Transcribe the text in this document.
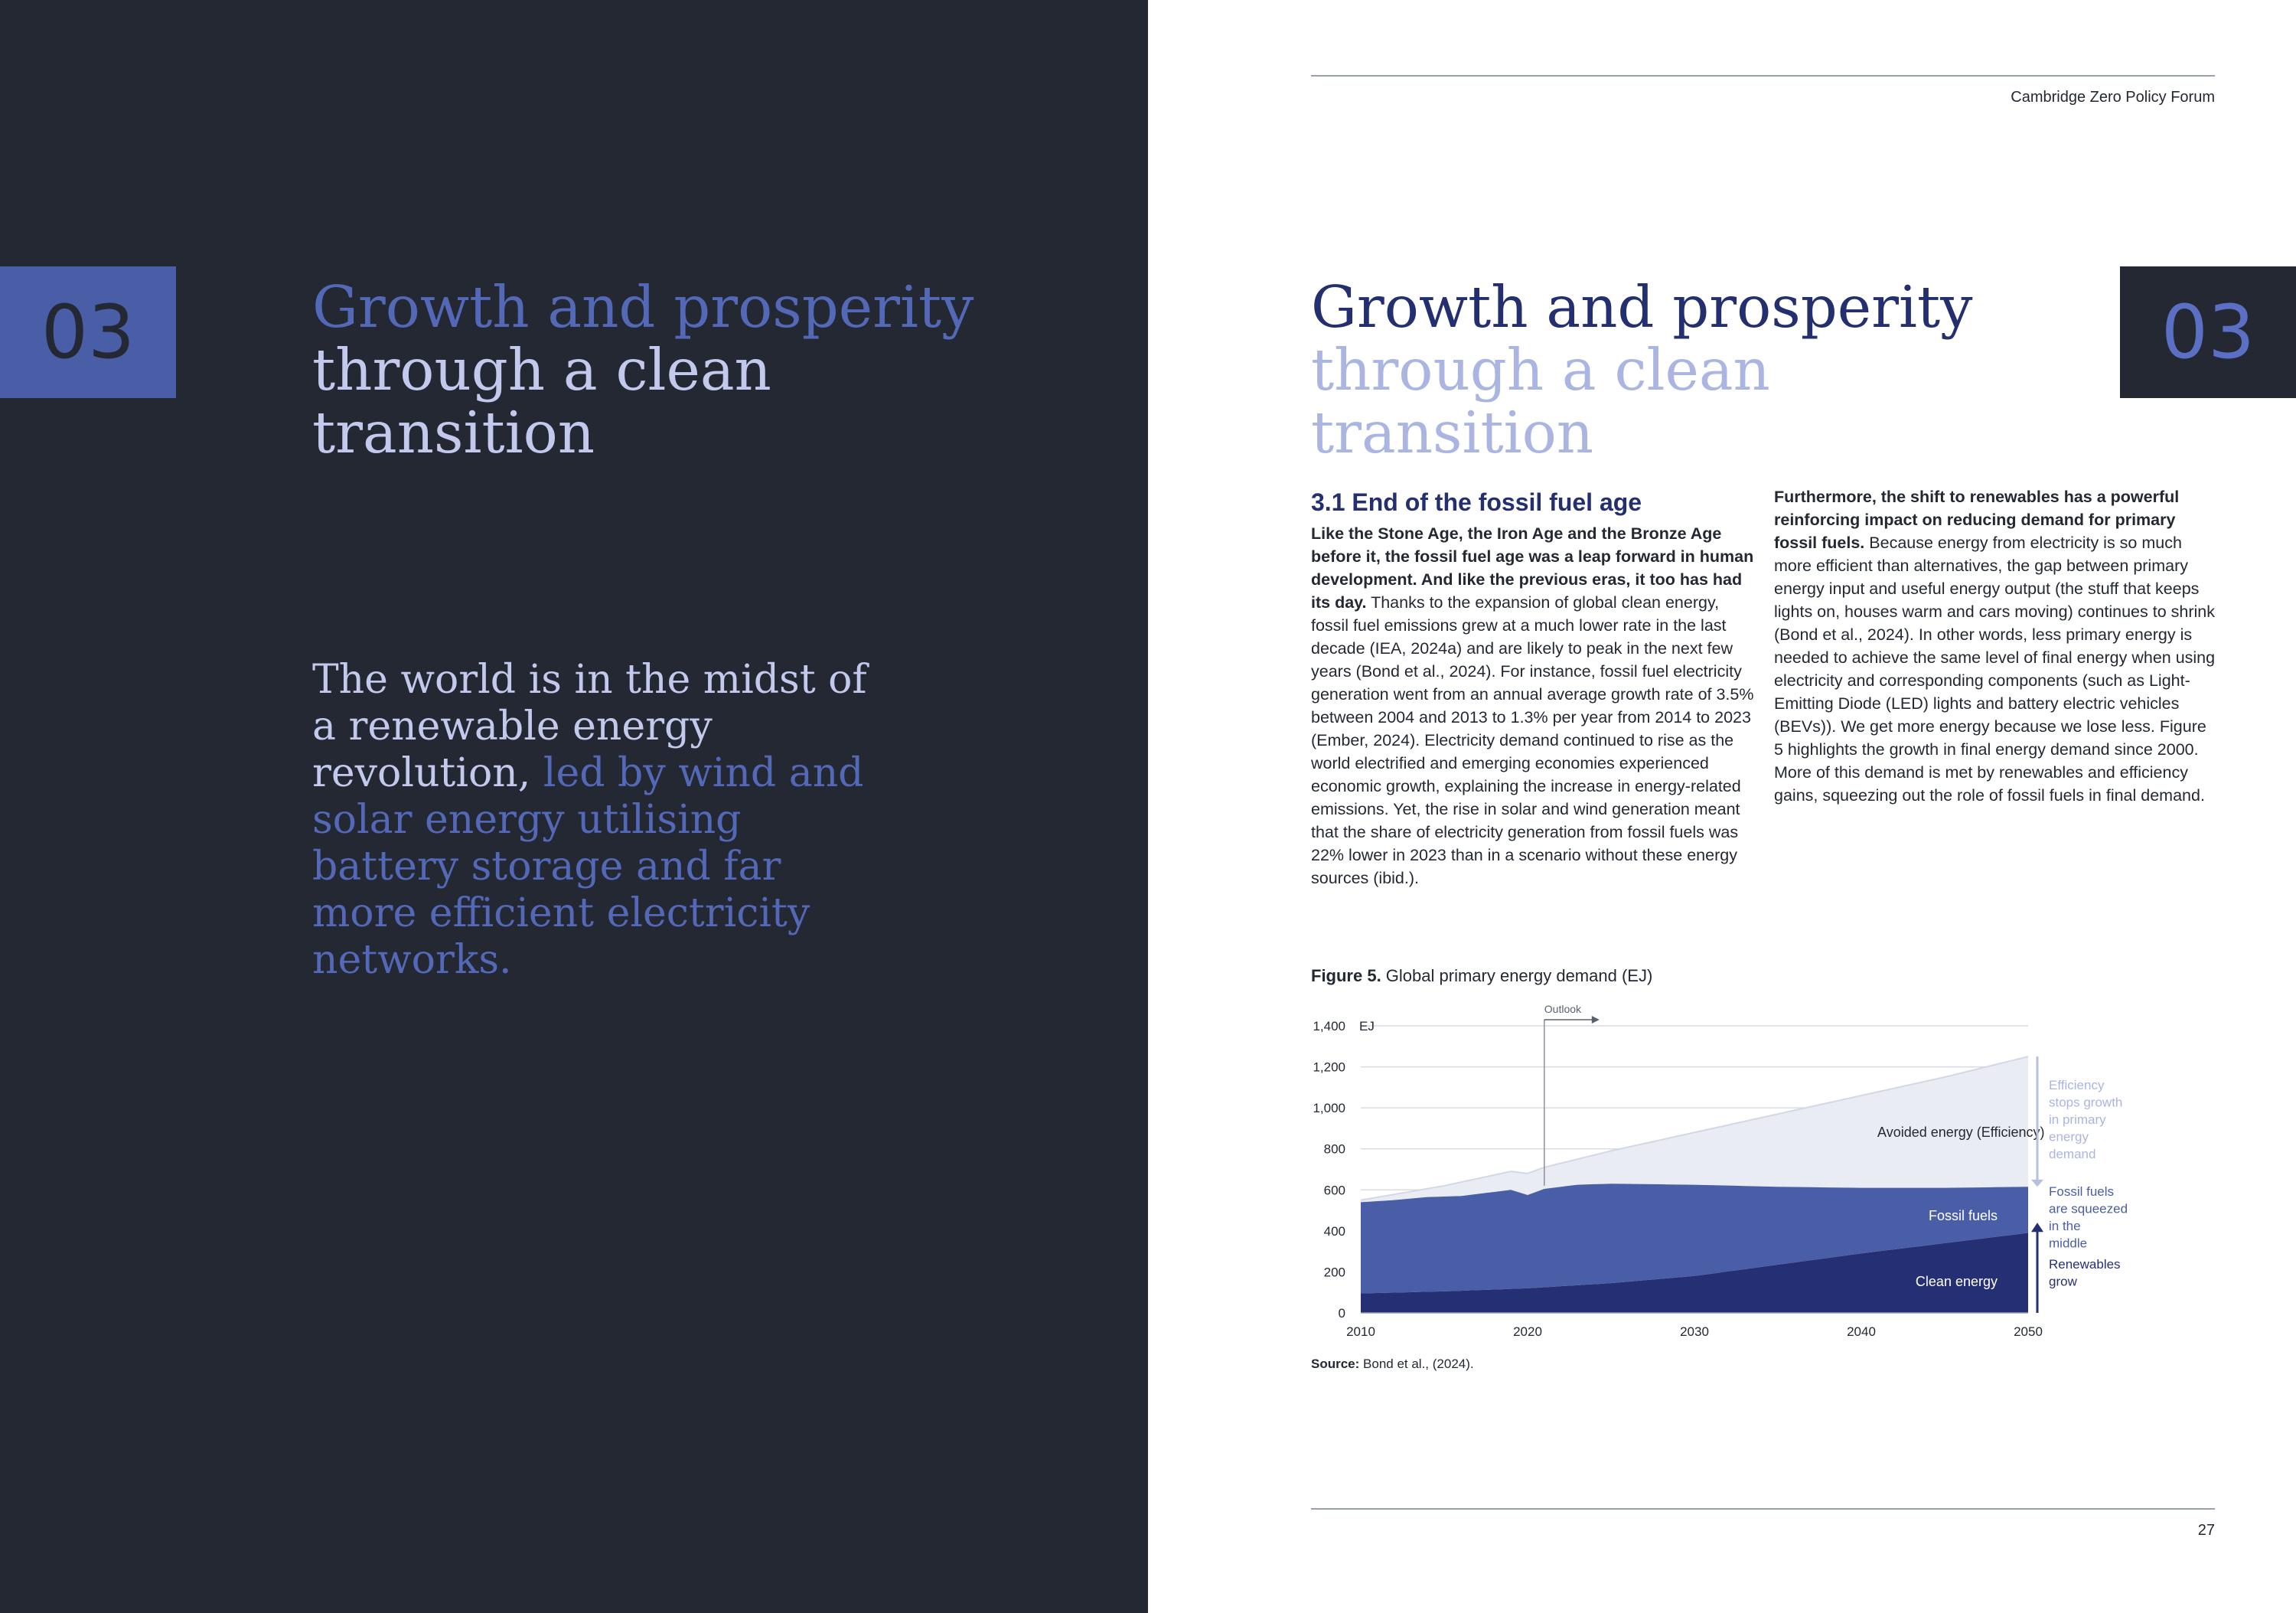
03	Growth and prosperity through a clean transition
The world is in the midst of a renewable energy revolution, led by wind and solar energy utilising battery storage and far more efficient electricity networks.
Cambridge Zero Policy Forum
Growth and prosperity through a clean transition
03
3.1 End of the fossil fuel age
Like the Stone Age, the Iron Age and the Bronze Age before it, the fossil fuel age was a leap forward in human development. And like the previous eras, it too has had its day. Thanks to the expansion of global clean energy, fossil fuel emissions grew at a much lower rate in the last decade (IEA, 2024a) and are likely to peak in the next few years (Bond et al., 2024). For instance, fossil fuel electricity generation went from an annual average growth rate of 3.5% between 2004 and 2013 to 1.3% per year from 2014 to 2023 (Ember, 2024). Electricity demand continued to rise as the world electrified and emerging economies experienced economic growth, explaining the increase in energy-related emissions. Yet, the rise in solar and wind generation meant that the share of electricity generation from fossil fuels was 22% lower in 2023 than in a scenario without these energy sources (ibid.).
Furthermore, the shift to renewables has a powerful reinforcing impact on reducing demand for primary fossil fuels. Because energy from electricity is so much more efficient than alternatives, the gap between primary energy input and useful energy output (the stuff that keeps lights on, houses warm and cars moving) continues to shrink (Bond et al., 2024). In other words, less primary energy is needed to achieve the same level of final energy when using electricity and corresponding components (such as Light-Emitting Diode (LED) lights and battery electric vehicles (BEVs)). We get more energy because we lose less. Figure 5 highlights the growth in final energy demand since 2000. More of this demand is met by renewables and efficiency gains, squeezing out the role of fossil fuels in final demand.
Figure 5. Global primary energy demand (EJ)
0
200
400
600
800
1,000
1,200
1,400 EJ
2010	2020	2030	2040	2050
Outlook
Avoided energy (Efficiency)
Fossil fuels
Clean energy
Efficiency stops growth in primary energy demand
Fossil fuels are squeezed in the middle
Renewables grow
Source: Bond et al., (2024).
27
